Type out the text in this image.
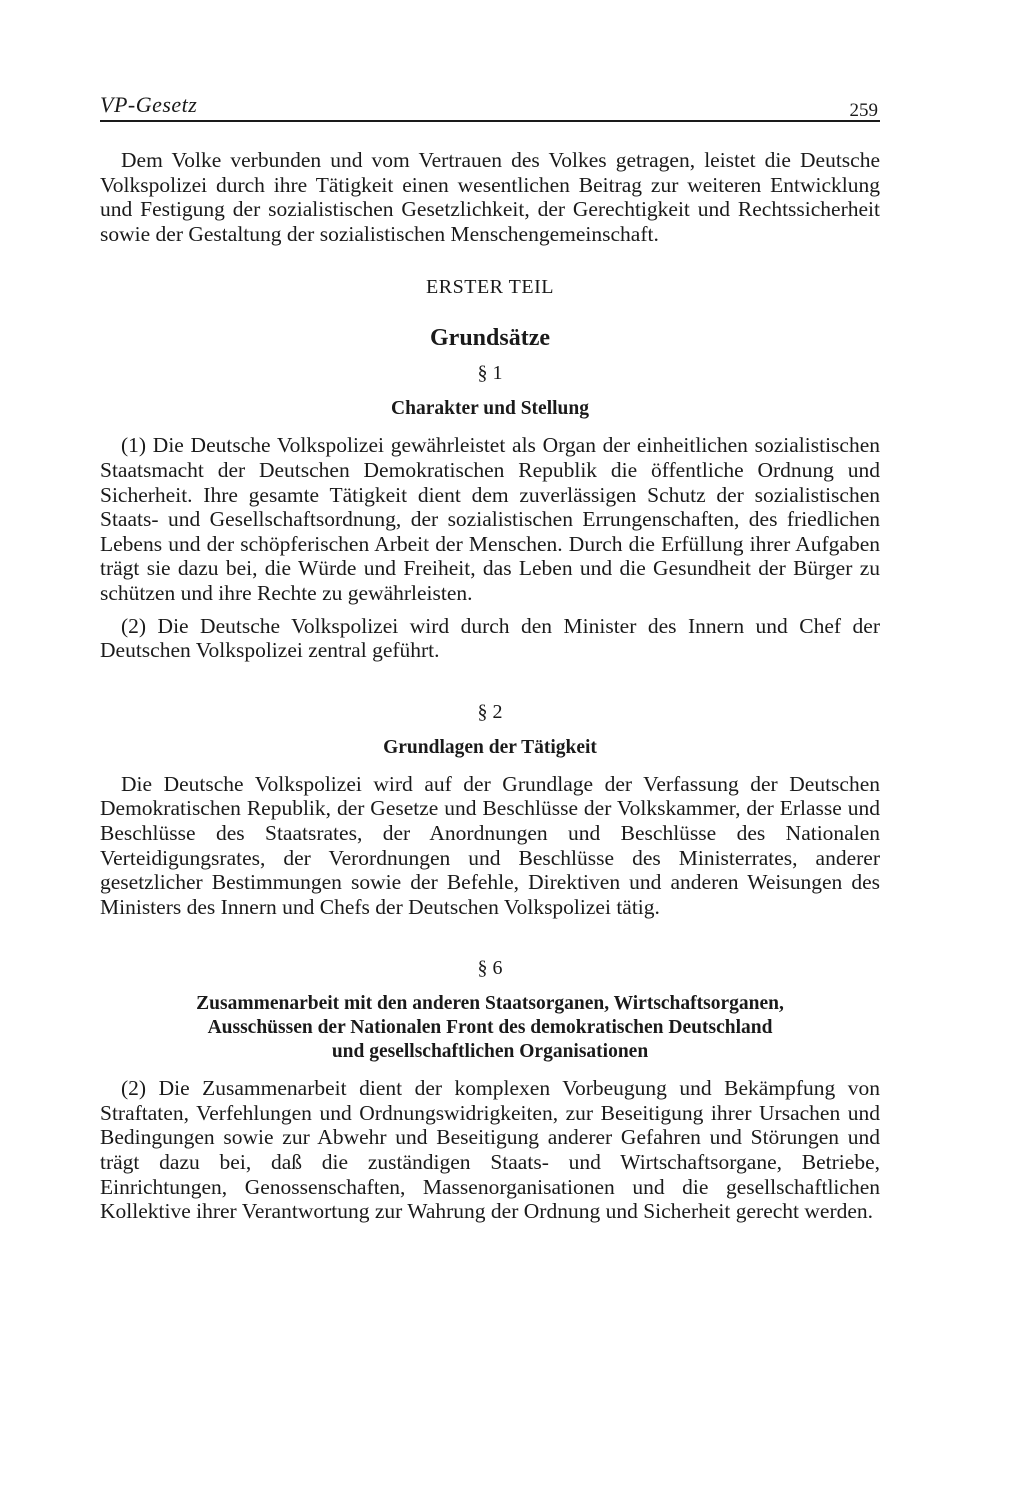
VP-Gesetz	259

Dem Volke verbunden und vom Vertrauen des Volkes getragen, leistet die Deutsche Volkspolizei durch ihre Tätigkeit einen wesentlichen Beitrag zur weiteren Entwicklung und Festigung der sozialistischen Gesetzlichkeit, der Gerechtigkeit und Rechtssicherheit sowie der Gestaltung der sozialistischen Menschengemeinschaft.

ERSTER TEIL
Grundsätze
§ 1
Charakter und Stellung

(1) Die Deutsche Volkspolizei gewährleistet als Organ der einheitlichen sozialistischen Staatsmacht der Deutschen Demokratischen Republik die öffentliche Ordnung und Sicherheit. Ihre gesamte Tätigkeit dient dem zuverlässigen Schutz der sozialistischen Staats- und Gesellschaftsordnung, der sozialistischen Errungenschaften, des friedlichen Lebens und der schöpferischen Arbeit der Menschen. Durch die Erfüllung ihrer Aufgaben trägt sie dazu bei, die Würde und Freiheit, das Leben und die Gesundheit der Bürger zu schützen und ihre Rechte zu gewährleisten.

(2) Die Deutsche Volkspolizei wird durch den Minister des Innern und Chef der Deutschen Volkspolizei zentral geführt.

§ 2
Grundlagen der Tätigkeit

Die Deutsche Volkspolizei wird auf der Grundlage der Verfassung der Deutschen Demokratischen Republik, der Gesetze und Beschlüsse der Volkskammer, der Erlasse und Beschlüsse des Staatsrates, der Anordnungen und Beschlüsse des Nationalen Verteidigungsrates, der Verordnungen und Beschlüsse des Ministerrates, anderer gesetzlicher Bestimmungen sowie der Befehle, Direktiven und anderen Weisungen des Ministers des Innern und Chefs der Deutschen Volkspolizei tätig.

§ 6
Zusammenarbeit mit den anderen Staatsorganen, Wirtschaftsorganen,
Ausschüssen der Nationalen Front des demokratischen Deutschland
und gesellschaftlichen Organisationen

(2) Die Zusammenarbeit dient der komplexen Vorbeugung und Bekämpfung von Straftaten, Verfehlungen und Ordnungswidrigkeiten, zur Beseitigung ihrer Ursachen und Bedingungen sowie zur Abwehr und Beseitigung anderer Gefahren und Störungen und trägt dazu bei, daß die zuständigen Staats- und Wirtschaftsorgane, Betriebe, Einrichtungen, Genossenschaften, Massenorganisationen und die gesellschaftlichen Kollektive ihrer Verantwortung zur Wahrung der Ordnung und Sicherheit gerecht werden.
